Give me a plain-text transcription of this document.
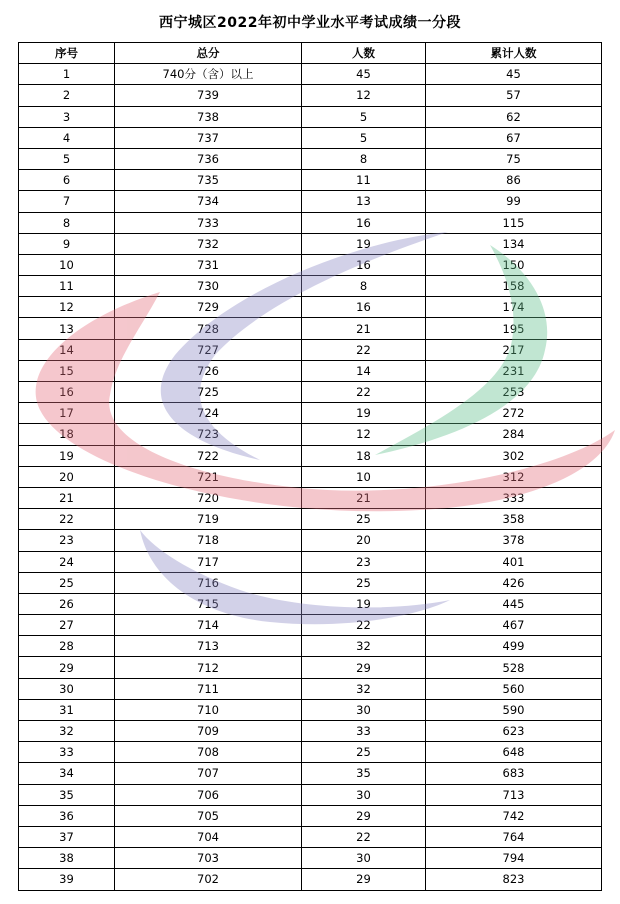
西宁城区2022年初中学业水平考试成绩一分段
序号	总分	人数	累计人数
1	740分（含）以上	45	45
2	739	12	57
3	738	5	62
4	737	5	67
5	736	8	75
6	735	11	86
7	734	13	99
8	733	16	115
9	732	19	134
10	731	16	150
11	730	8	158
12	729	16	174
13	728	21	195
14	727	22	217
15	726	14	231
16	725	22	253
17	724	19	272
18	723	12	284
19	722	18	302
20	721	10	312
21	720	21	333
22	719	25	358
23	718	20	378
24	717	23	401
25	716	25	426
26	715	19	445
27	714	22	467
28	713	32	499
29	712	29	528
30	711	32	560
31	710	30	590
32	709	33	623
33	708	25	648
34	707	35	683
35	706	30	713
36	705	29	742
37	704	22	764
38	703	30	794
39	702	29	823
